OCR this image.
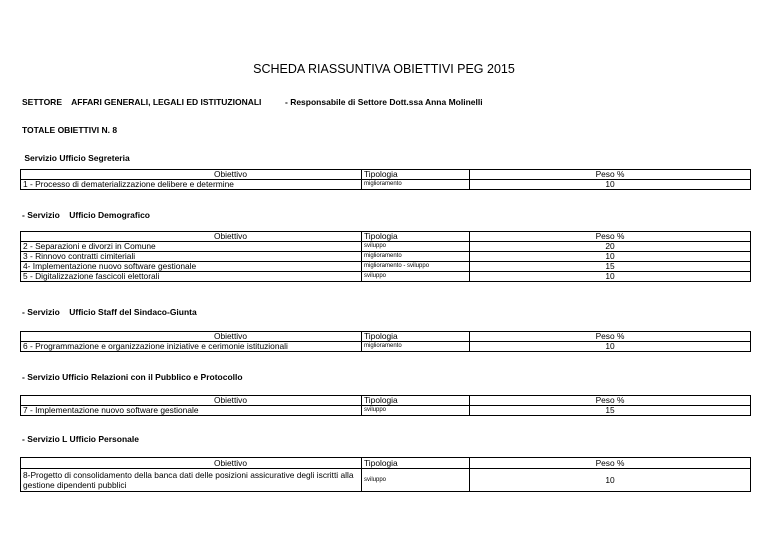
SCHEDA RIASSUNTIVA OBIETTIVI PEG 2015
SETTORE    AFFARI GENERALI, LEGALI ED ISTITUZIONALI	- Responsabile di Settore Dott.ssa Anna Molinelli
TOTALE OBIETTIVI N. 8
Servizio Ufficio Segreteria
Obiettivo	Tipologia	Peso %
1 - Processo di dematerializzazione delibere e determine	miglioramento	10
- Servizio    Ufficio Demografico
Obiettivo	Tipologia	Peso %
2 - Separazioni e divorzi in Comune	sviluppo	20
3 - Rinnovo contratti cimiteriali	miglioramento	10
4- Implementazione nuovo software gestionale	miglioramento - sviluppo	15
5 - Digitalizzazione fascicoli elettorali	sviluppo	10
- Servizio    Ufficio Staff del Sindaco-Giunta
Obiettivo	Tipologia	Peso %
6 - Programmazione e organizzazione iniziative e cerimonie istituzionali	miglioramento	10
- Servizio Ufficio Relazioni con il Pubblico e Protocollo
Obiettivo	Tipologia	Peso %
7 - Implementazione nuovo software gestionale	sviluppo	15
- Servizio L Ufficio Personale
Obiettivo	Tipologia	Peso %
8-Progetto di consolidamento della banca dati delle posizioni assicurative degli iscritti alla gestione dipendenti pubblici	sviluppo	10
